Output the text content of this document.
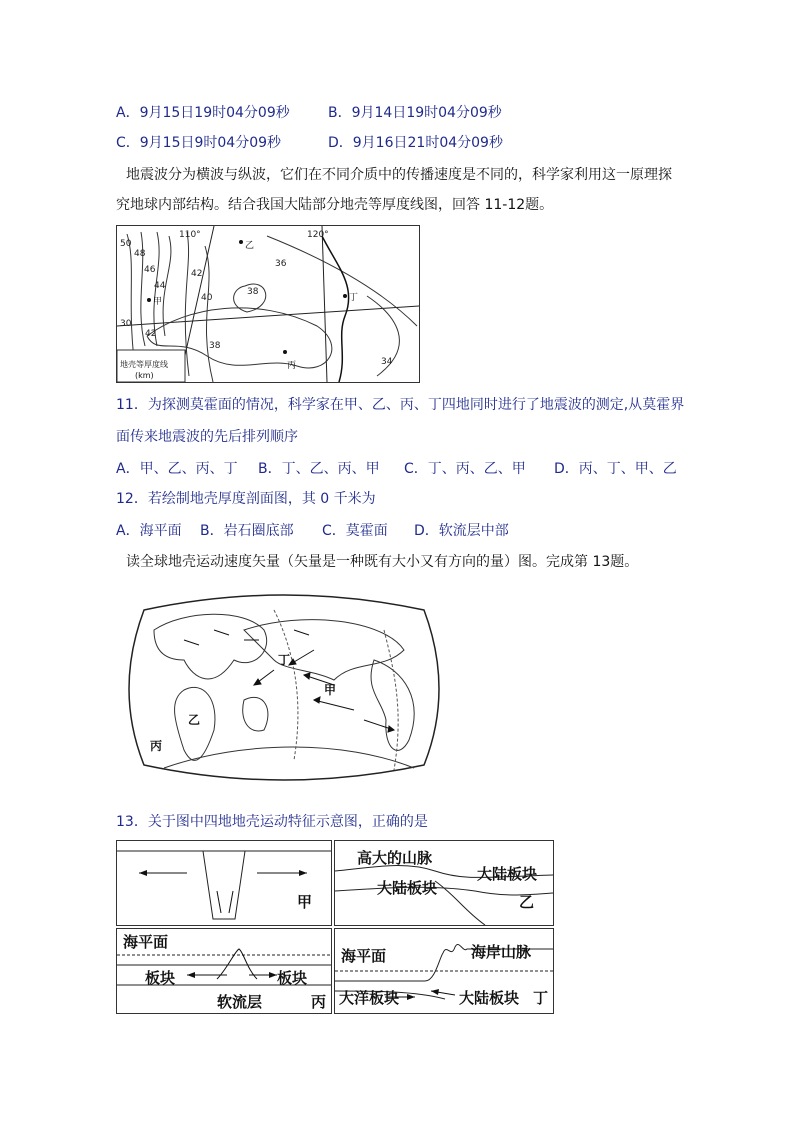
A．9月15日19时04分09秒	B．9月14日19时04分09秒
C．9月15日9时04分09秒	D．9月16日21时04分09秒
地震波分为横波与纵波，它们在不同介质中的传播速度是不同的，科学家利用这一原理探
究地球内部结构。结合我国大陆部分地壳等厚度线图，回答 11-12题。
50
48
46
44
42
40
38
36
34
30
42
38
110°	120°
甲
乙
丙
丁
地壳等厚度线
(km)
11．为探测莫霍面的情况，科学家在甲、乙、丙、丁四地同时进行了地震波的测定,从莫霍界
面传来地震波的先后排列顺序
A．甲、乙、丙、丁 B．丁、乙、丙、甲 C．丁、丙、乙、甲 D．丙、丁、甲、乙
12．若绘制地壳厚度剖面图，其 0 千米为
A．海平面 B．岩石圈底部 C．莫霍面 D．软流层中部
读全球地壳运动速度矢量（矢量是一种既有大小又有方向的量）图。完成第 13题。
丁
甲
乙
丙
13．关于图中四地地壳运动特征示意图，正确的是
甲
高大的山脉
大陆板块
大陆板块
乙
海平面
板块	板块
软流层	丙
海平面	海岸山脉
大洋板块	大陆板块 丁
